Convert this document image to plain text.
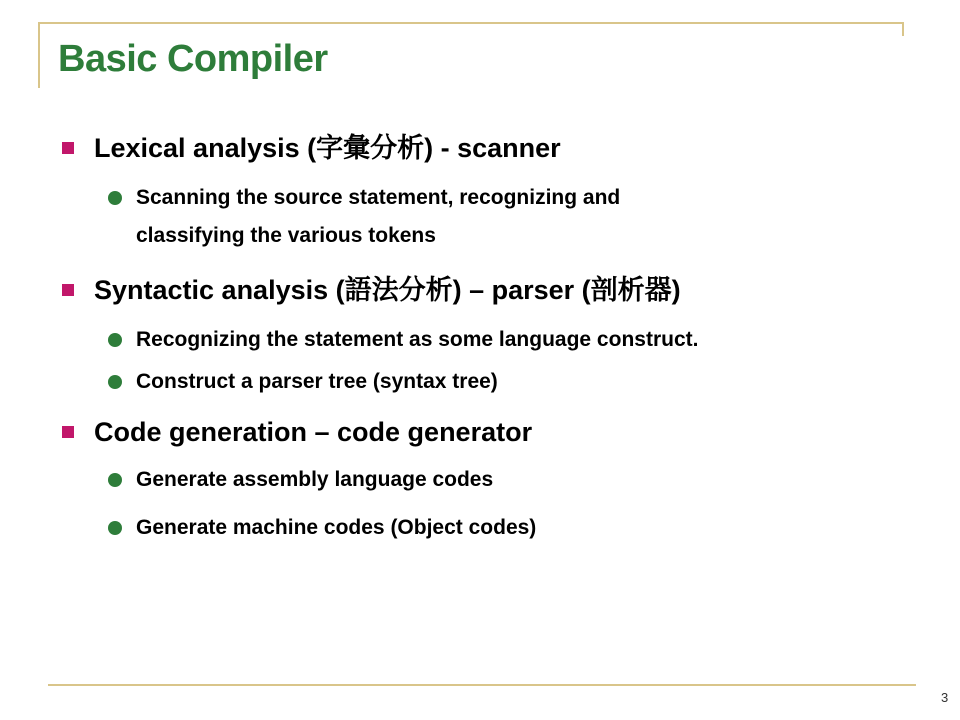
Basic Compiler
Lexical analysis (字彙分析) - scanner
Scanning the source statement, recognizing and
classifying the various tokens
Syntactic analysis (語法分析) – parser (剖析器)
Recognizing the statement as some language construct.
Construct a parser tree (syntax tree)
Code generation – code generator
Generate assembly language codes
Generate machine codes (Object codes)
3
